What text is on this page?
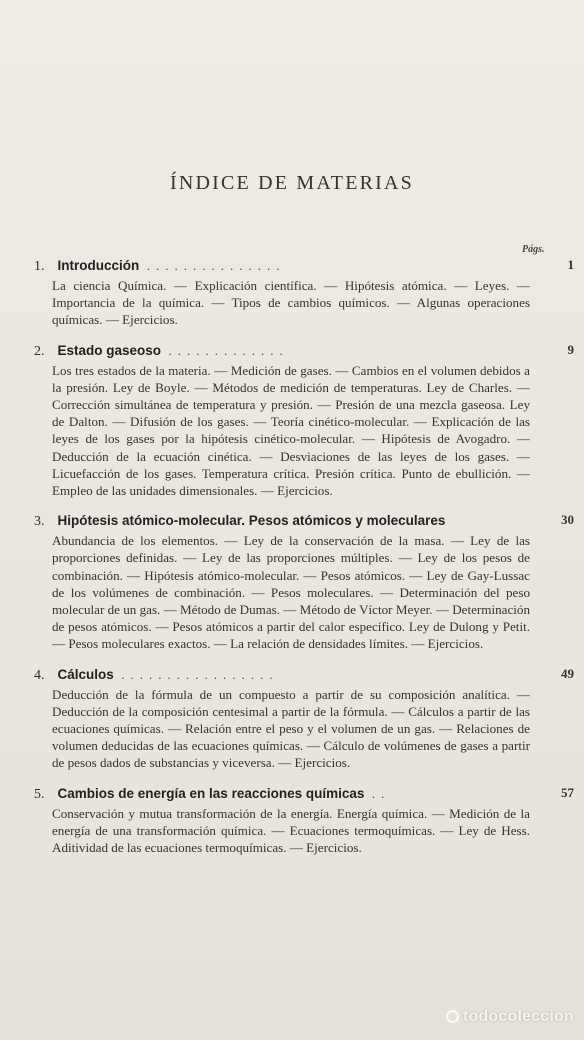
ÍNDICE DE MATERIAS
Págs.
1. Introducción ...............	1
La ciencia Química. — Explicación científica. — Hipótesis atómica. — Leyes. — Importancia de la química. — Tipos de cambios químicos. — Algunas operaciones químicas. — Ejercicios.
2. Estado gaseoso .............	9
Los tres estados de la materia. — Medición de gases. — Cambios en el volumen debidos a la presión. Ley de Boyle. — Métodos de medición de temperaturas. Ley de Charles. — Corrección simultánea de temperatura y presión. — Presión de una mezcla gaseosa. Ley de Dalton. — Difusión de los gases. — Teoría cinético-molecular. — Explicación de las leyes de los gases por la hipótesis cinético-molecular. — Hipótesis de Avogadro. — Deducción de la ecuación cinética. — Desviaciones de las leyes de los gases. — Licuefacción de los gases. Temperatura crítica. Presión crítica. Punto de ebullición. — Empleo de las unidades dimensionales. — Ejercicios.
3. Hipótesis atómico-molecular. Pesos atómicos y moleculares	30
Abundancia de los elementos. — Ley de la conservación de la masa. — Ley de las proporciones definidas. — Ley de las proporciones múltiples. — Ley de los pesos de combinación. — Hipótesis atómico-molecular. — Pesos atómicos. — Ley de Gay-Lussac de los volúmenes de combinación. — Pesos moleculares. — Determinación del peso molecular de un gas. — Método de Dumas. — Método de Víctor Meyer. — Determinación de pesos atómicos. — Pesos atómicos a partir del calor específico. Ley de Dulong y Petit. — Pesos moleculares exactos. — La relación de densidades límites. — Ejercicios.
4. Cálculos .................	49
Deducción de la fórmula de un compuesto a partir de su composición analítica. — Deducción de la composición centesimal a partir de la fórmula. — Cálculos a partir de las ecuaciones químicas. — Relación entre el peso y el volumen de un gas. — Relaciones de volumen deducidas de las ecuaciones químicas. — Cálculo de volúmenes de gases a partir de pesos dados de substancias y viceversa. — Ejercicios.
5. Cambios de energía en las reacciones químicas ..	57
Conservación y mutua transformación de la energía. Energía química. — Medición de la energía de una transformación química. — Ecuaciones termoquímicas. — Ley de Hess. Aditividad de las ecuaciones termoquímicas. — Ejercicios.
todocoleccion
